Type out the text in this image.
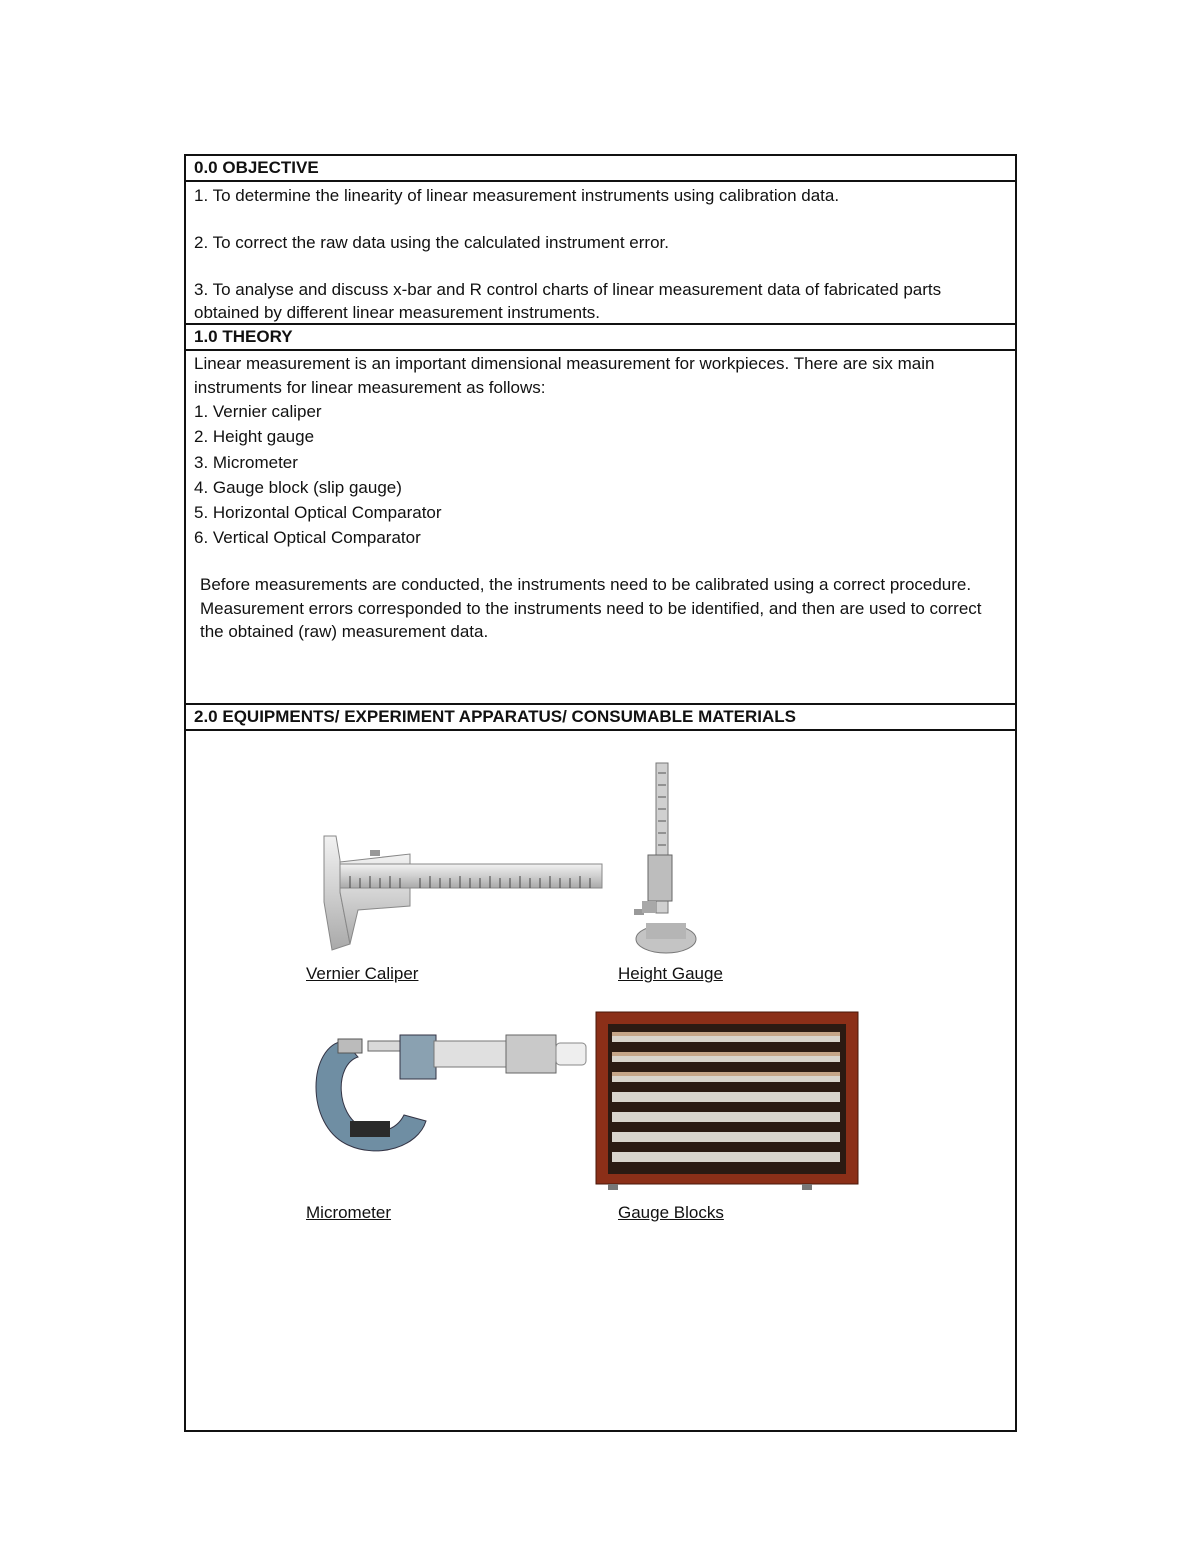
0.0 OBJECTIVE
1. To determine the linearity of linear measurement instruments using calibration data.
2. To correct the raw data using the calculated instrument error.
3. To analyse and discuss x-bar and R control charts of linear measurement data of fabricated parts obtained by different linear measurement instruments.
1.0 THEORY
Linear measurement is an important dimensional measurement for workpieces. There are six main instruments for linear measurement as follows:
1. Vernier caliper
2. Height gauge
3. Micrometer
4. Gauge block (slip gauge)
5. Horizontal Optical Comparator
6. Vertical Optical Comparator
Before measurements are conducted, the instruments need to be calibrated using a correct procedure. Measurement errors corresponded to the instruments need to be identified, and then are used to correct the obtained (raw) measurement data.
2.0 EQUIPMENTS/ EXPERIMENT APPARATUS/ CONSUMABLE MATERIALS
Vernier Caliper	Height Gauge
Micrometer	Gauge Blocks
